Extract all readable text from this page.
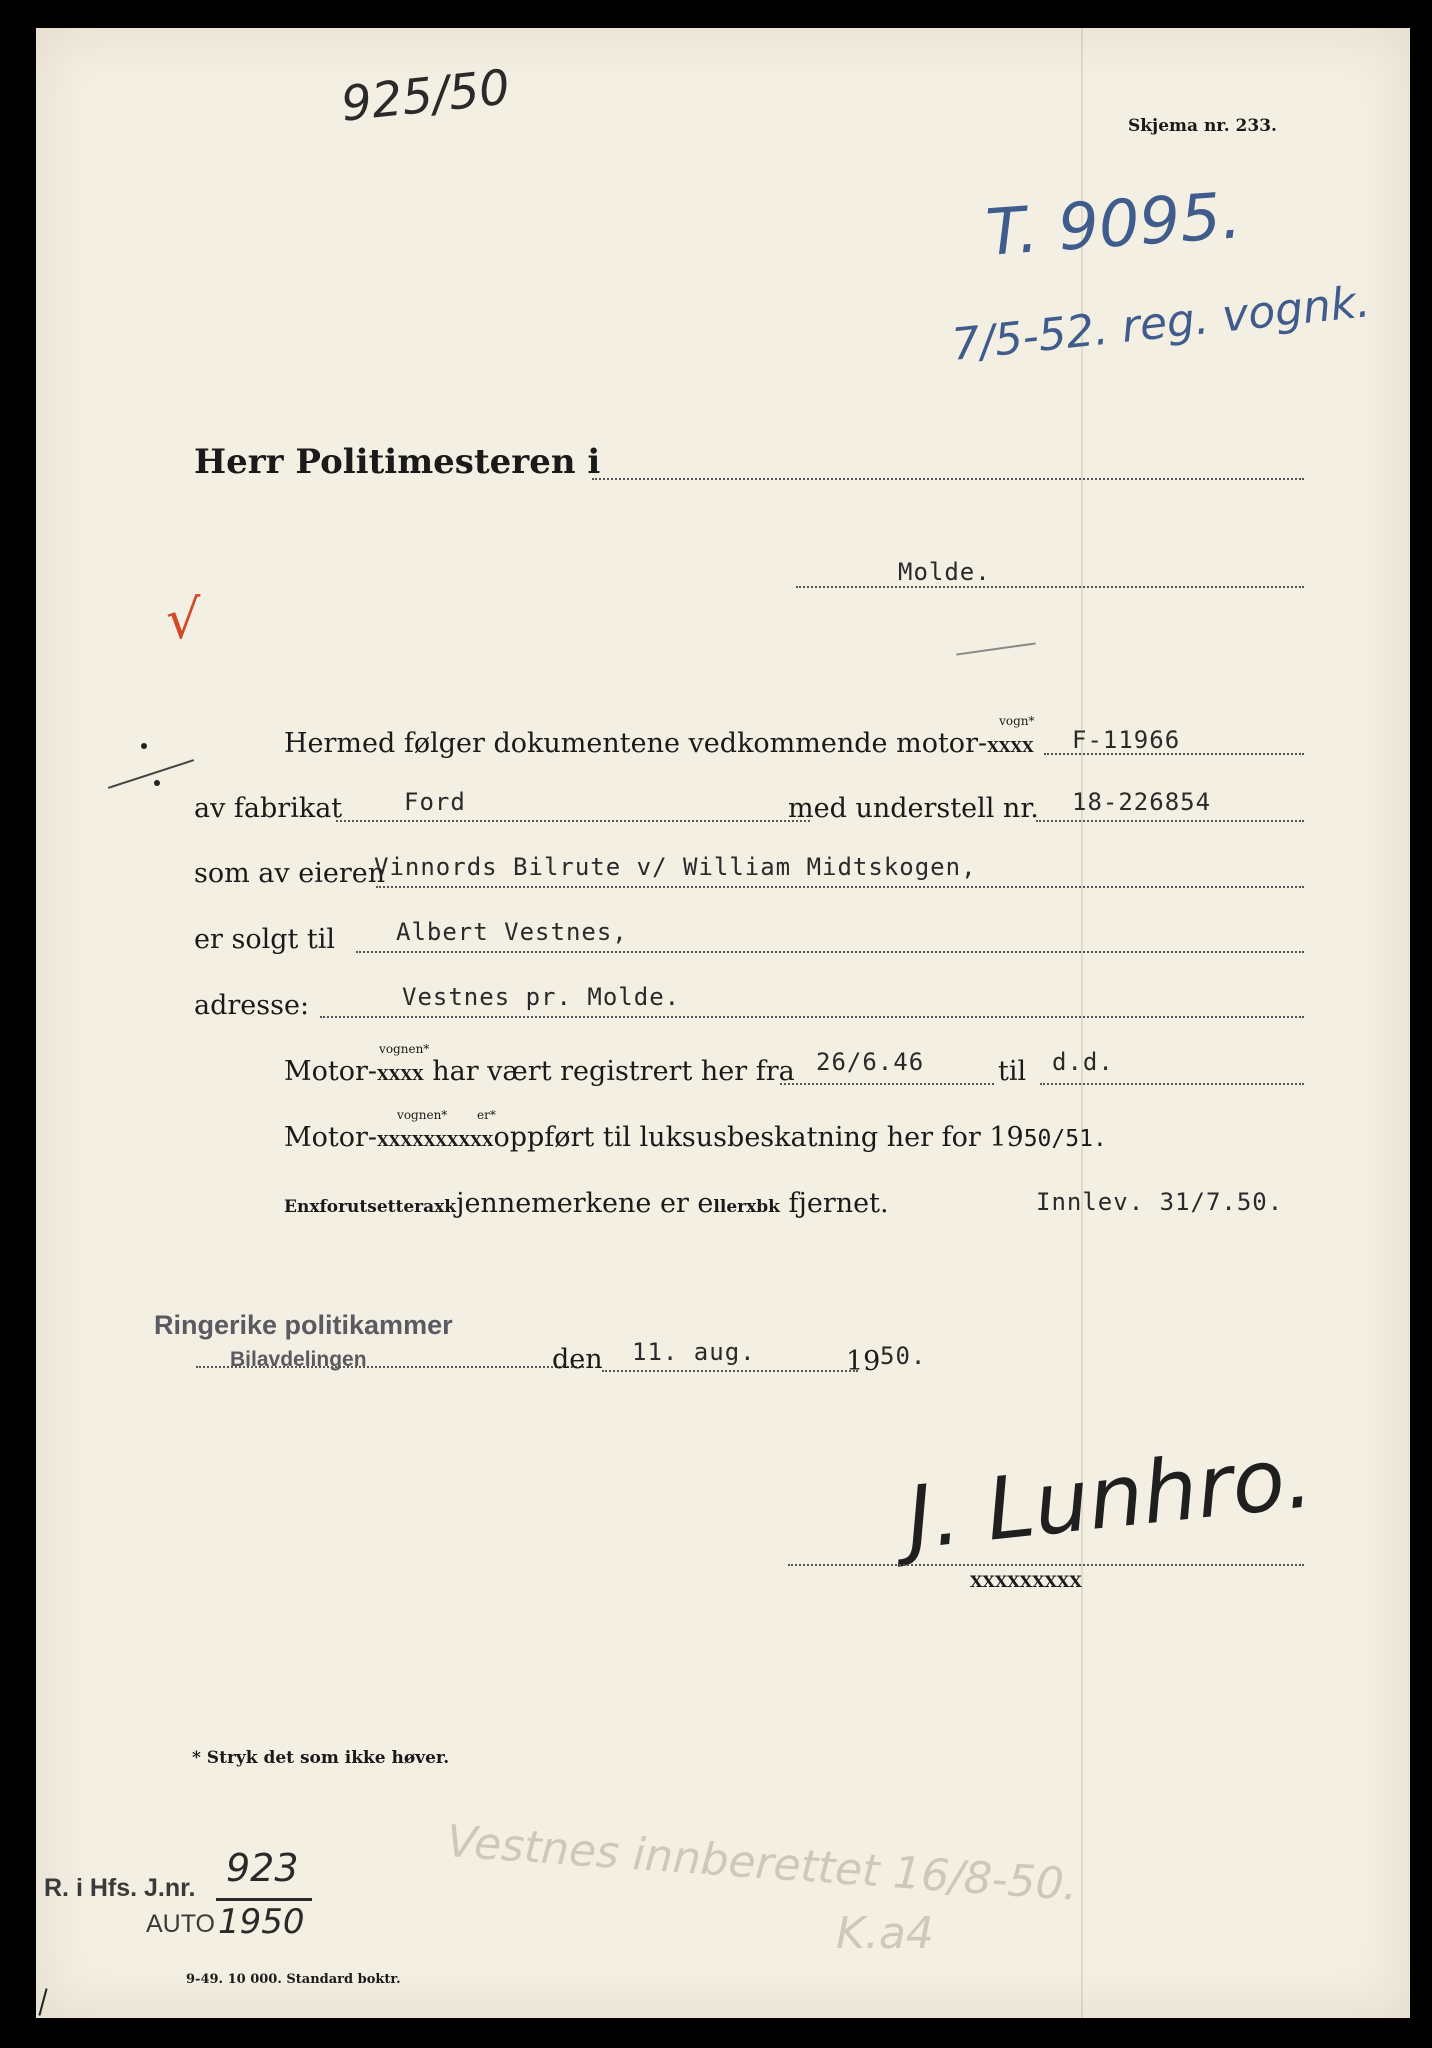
925/50	Skjema nr. 233.
T. 9095.
7/5-52. reg. vognk.
Herr Politimesteren i
√
Molde.
Hermed følger dokumentene vedkommende motor-
vogn*
XXXX F-11966
av fabrikat	Ford	med understell nr. 18-226854
som av eieren
Vinnords Bilrute v/ William Midtskogen,
er solgt til	Albert Vestnes,
adresse:	Vestnes pr. Molde.
Motor-
vognen*
XXXX har vært registrert her fra 26/6.46	til d.d.
Motor-
vognen* er*
XXXXXXXXXXoppført til luksusbeskatning her for 1950/51.
Enxforutsetteraxkjennemerkene er ellerxbk fjernet.	Innlev. 31/7.50.
Ringerike politikammer
Bilavdelingen	den 11. aug.	19 50.
J. Lunhro.
XXXXXXXXX
* Stryk det som ikke høver.
Vestnes innberettet 16/8-50.
K.a4
R. i Hfs. J.nr. 923
AUTO 1950
9-49. 10 000. Standard boktr.
